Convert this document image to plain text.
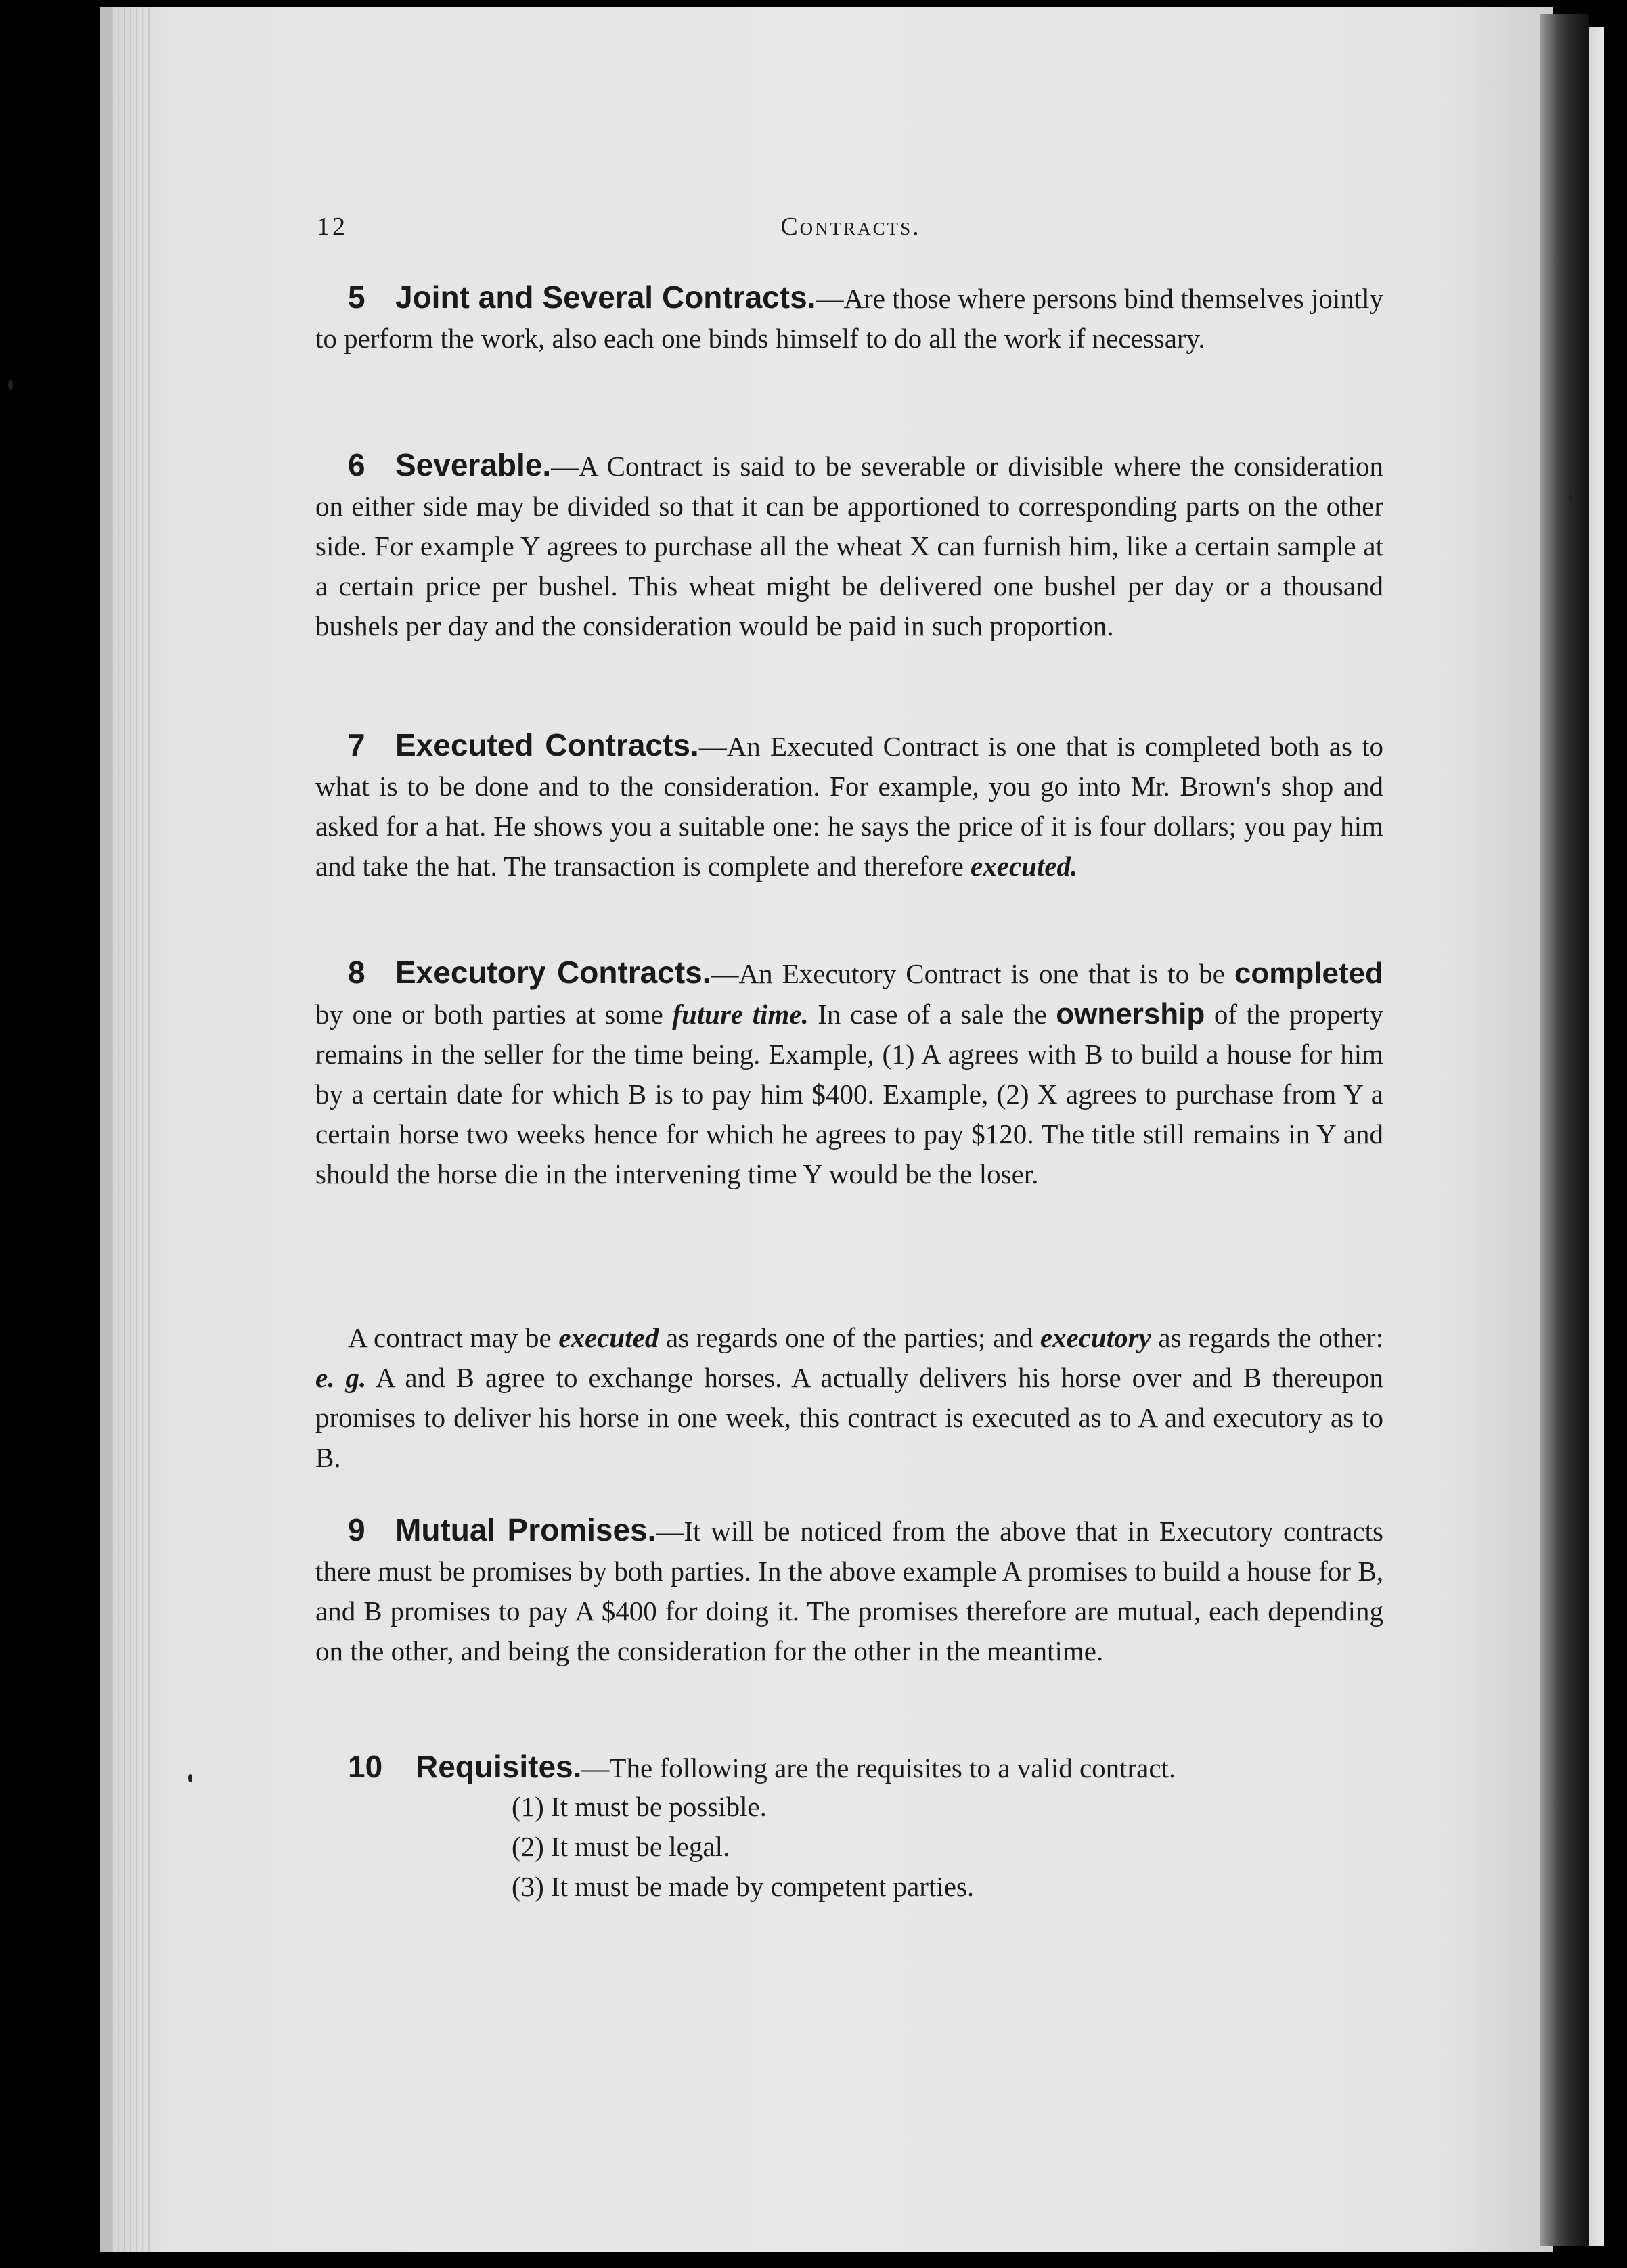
12	Contracts.
5 Joint and Several Contracts.—Are those where persons bind themselves jointly to perform the work, also each one binds himself to do all the work if necessary.
6 Severable.—A Contract is said to be severable or divisible where the consideration on either side may be divided so that it can be apportioned to corresponding parts on the other side. For example Y agrees to purchase all the wheat X can furnish him, like a certain sample at a certain price per bushel. This wheat might be delivered one bushel per day or a thousand bushels per day and the consideration would be paid in such proportion.
7 Executed Contracts.—An Executed Contract is one that is completed both as to what is to be done and to the consideration. For example, you go into Mr. Brown's shop and asked for a hat. He shows you a suitable one: he says the price of it is four dollars; you pay him and take the hat. The transaction is complete and therefore executed.
8 Executory Contracts.—An Executory Contract is one that is to be completed by one or both parties at some future time. In case of a sale the ownership of the property remains in the seller for the time being. Example, (1) A agrees with B to build a house for him by a certain date for which B is to pay him $400. Example, (2) X agrees to purchase from Y a certain horse two weeks hence for which he agrees to pay $120. The title still remains in Y and should the horse die in the intervening time Y would be the loser.
A contract may be executed as regards one of the parties; and executory as regards the other: e. g. A and B agree to exchange horses. A actually delivers his horse over and B thereupon promises to deliver his horse in one week, this contract is executed as to A and executory as to B.
9 Mutual Promises.—It will be noticed from the above that in Executory contracts there must be promises by both parties. In the above example A promises to build a house for B, and B promises to pay A $400 for doing it. The promises therefore are mutual, each depending on the other, and being the consideration for the other in the meantime.
10 Requisites.—The following are the requisites to a valid contract.
(1) It must be possible.
(2) It must be legal.
(3) It must be made by competent parties.
